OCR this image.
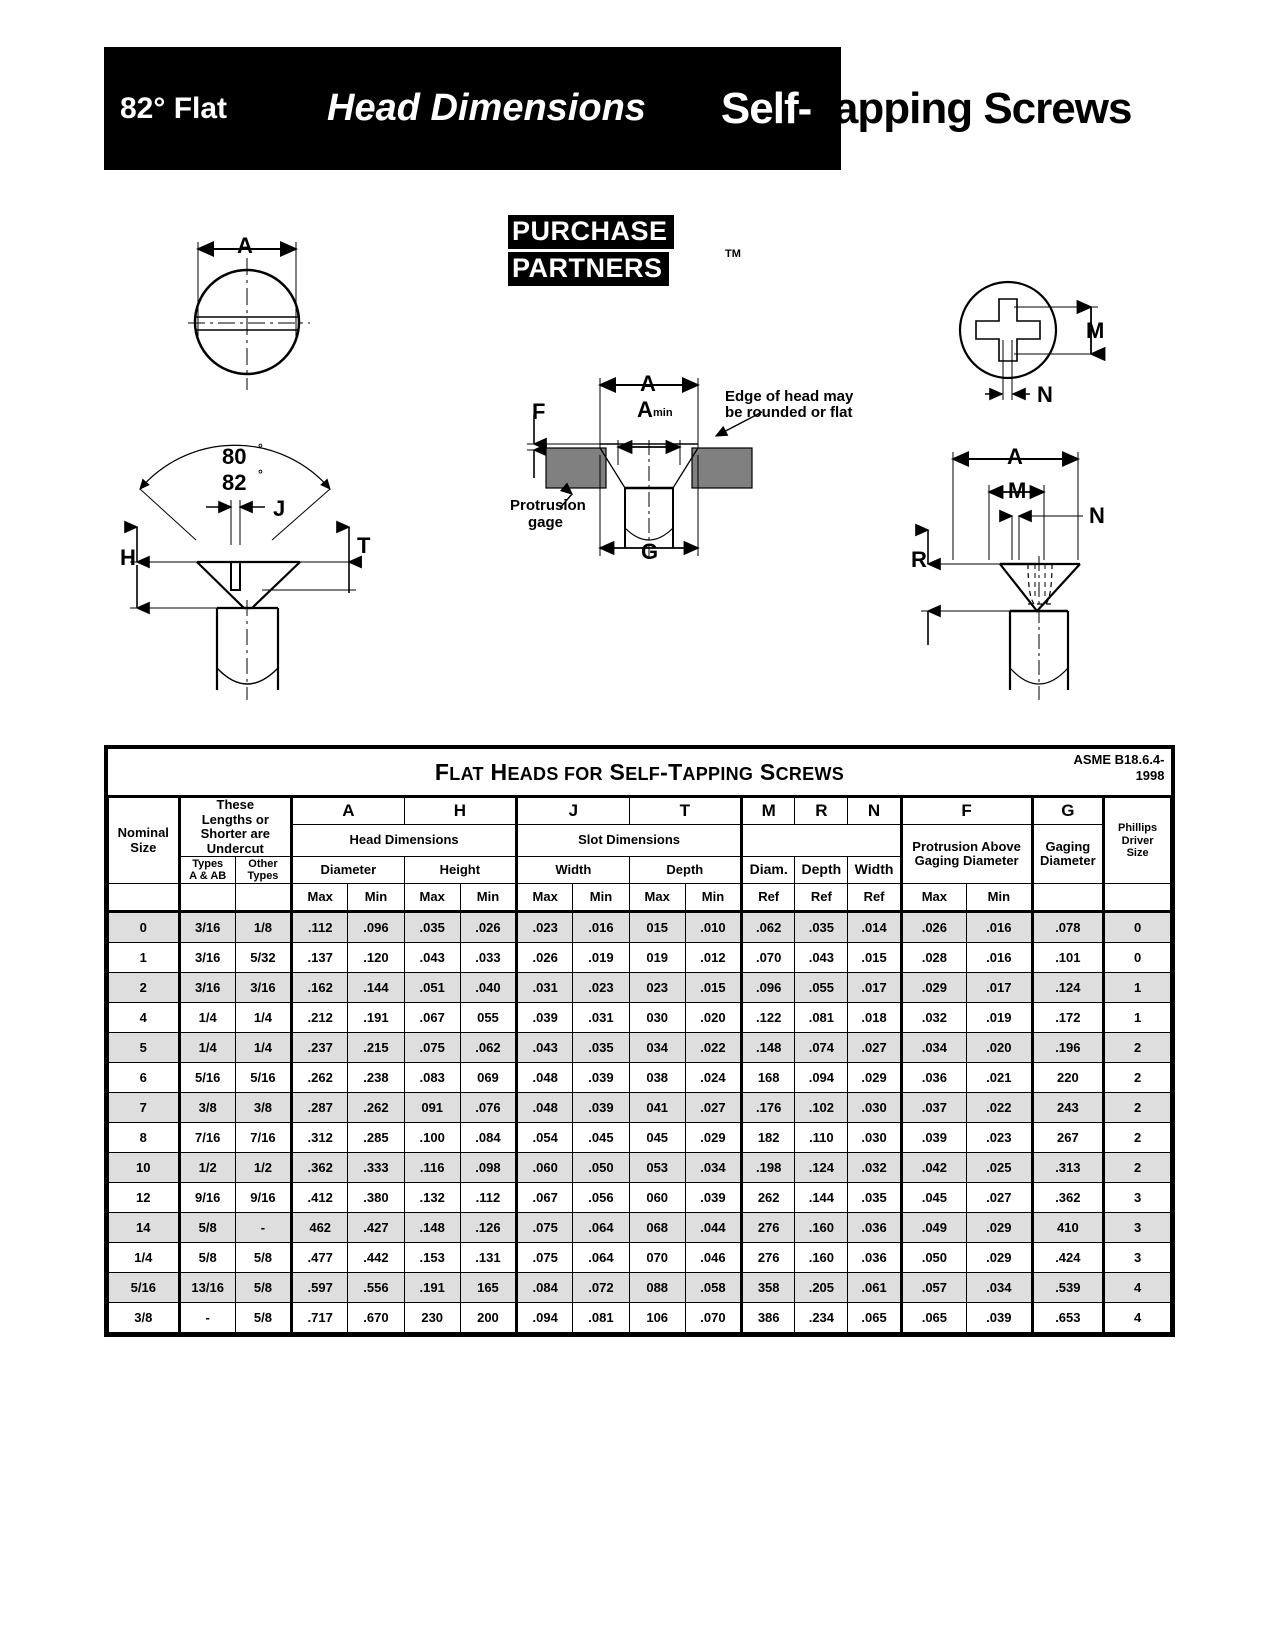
82° Flat	Head Dimensions Self- Tapping Screws
PURCHASE
PARTNERS	TM
A
80 °
82 °
J
H	T
A
A min
F
G
Edge of head may
be rounded or flat
Protrusion
gage
M
N
A
M
N
R
FLAT HEADS FOR SELF-TAPPING SCREWS
ASME B18.6.4-
1998																	

Nominal
Size	These
Lengths or
Shorter are
Undercut		A		H		J		T		M	R	N	F		G	Phillips
Driver
Size
			Head Dimensions				Slot Dimensions							Protrusion Above
Gaging Diameter		Gaging
Diameter	
	Types
A & AB	Other
Types	Diameter		Height		Width		Depth		Diam.	Depth	Width				
			Max	Min	Max	Min	Max	Min	Max	Min	Ref	Ref	Ref	Max	Min		
0	3/16	1/8	.112	.096	.035	.026	.023	.016	015	.010	.062	.035	.014	.026	.016	.078	0
1	3/16	5/32	.137	.120	.043	.033	.026	.019	019	.012	.070	.043	.015	.028	.016	.101	0
2	3/16	3/16	.162	.144	.051	.040	.031	.023	023	.015	.096	.055	.017	.029	.017	.124	1
4	1/4	1/4	.212	.191	.067	055	.039	.031	030	.020	.122	.081	.018	.032	.019	.172	1
5	1/4	1/4	.237	.215	.075	.062	.043	.035	034	.022	.148	.074	.027	.034	.020	.196	2
6	5/16	5/16	.262	.238	.083	069	.048	.039	038	.024	168	.094	.029	.036	.021	220	2
7	3/8	3/8	.287	.262	091	.076	.048	.039	041	.027	.176	.102	.030	.037	.022	243	2
8	7/16	7/16	.312	.285	.100	.084	.054	.045	045	.029	182	.110	.030	.039	.023	267	2
10	1/2	1/2	.362	.333	.116	.098	.060	.050	053	.034	.198	.124	.032	.042	.025	.313	2
12	9/16	9/16	.412	.380	.132	.112	.067	.056	060	.039	262	.144	.035	.045	.027	.362	3
14	5/8	-	462	.427	.148	.126	.075	.064	068	.044	276	.160	.036	.049	.029	410	3
1/4	5/8	5/8	.477	.442	.153	.131	.075	.064	070	.046	276	.160	.036	.050	.029	.424	3
5/16	13/16	5/8	.597	.556	.191	165	.084	.072	088	.058	358	.205	.061	.057	.034	.539	4
3/8	-	5/8	.717	.670	230	200	.094	.081	106	.070	386	.234	.065	.065	.039	.653	4
